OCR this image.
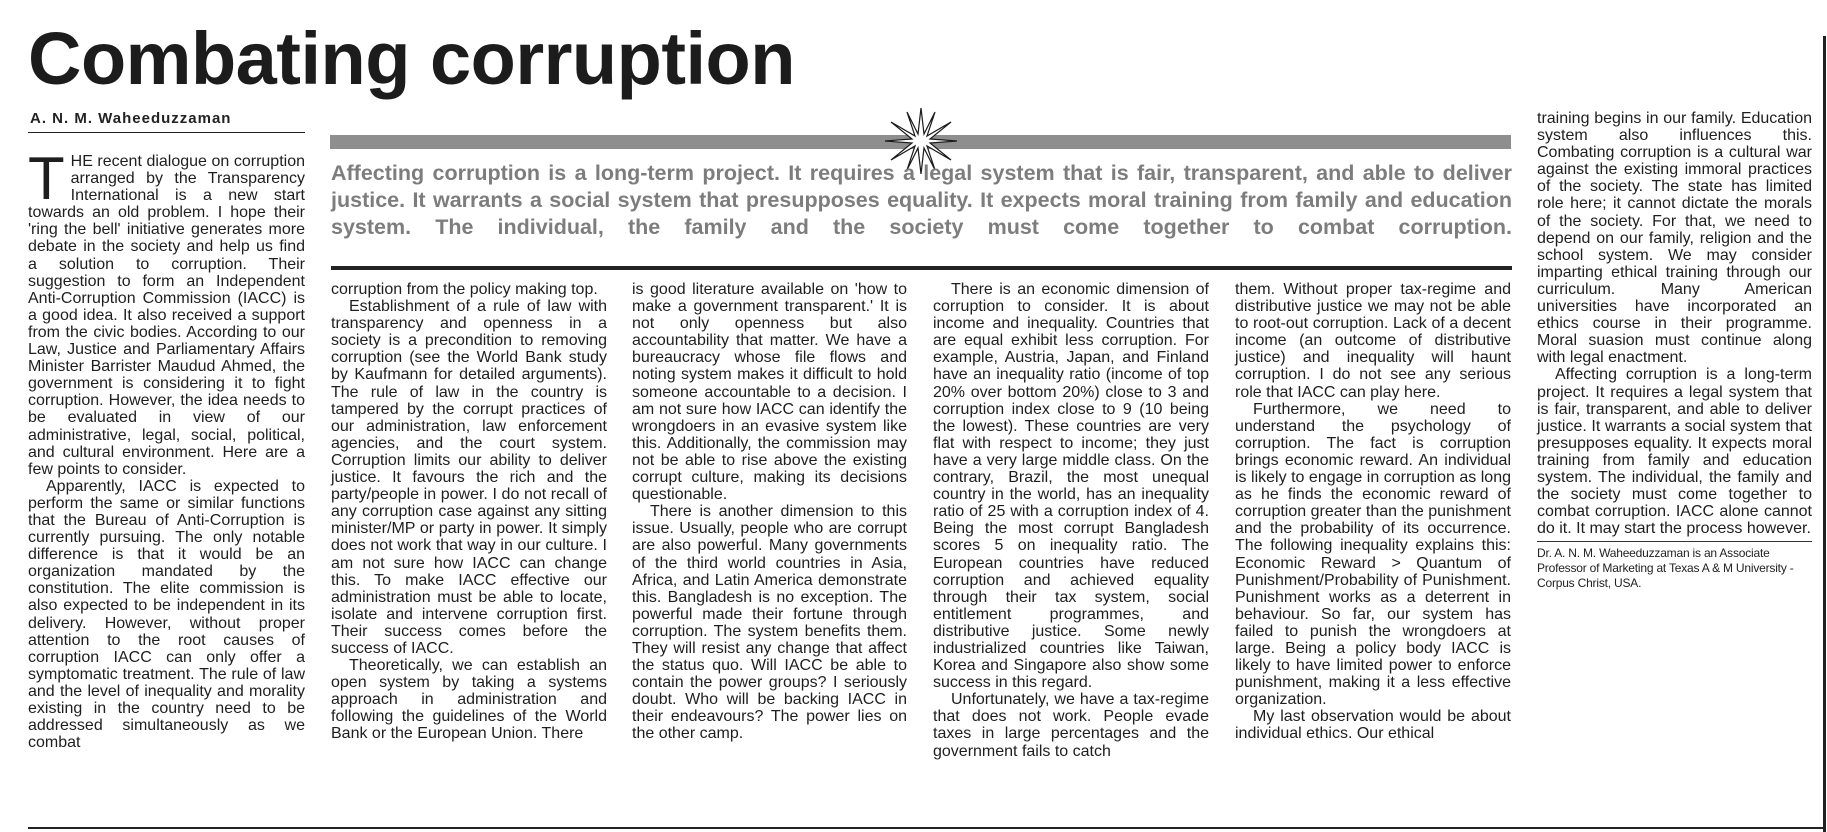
Combating corruption
A. N. M. Waheeduzzaman

Affecting corruption is a long-term project. It requires a legal system that is fair, transparent, and able to deliver justice. It warrants a social system that presupposes equality. It expects moral training from family and education system. The individual, the family and the society must come together to combat corruption.

THE recent dialogue on corruption arranged by the Transparency International is a new start towards an old problem. I hope their 'ring the bell' initiative generates more debate in the society and help us find a solution to corruption. Their suggestion to form an Independent Anti-Corruption Commission (IACC) is a good idea. It also received a support from the civic bodies. According to our Law, Justice and Parliamentary Affairs Minister Barrister Maudud Ahmed, the government is considering it to fight corruption. However, the idea needs to be evaluated in view of our administrative, legal, social, political, and cultural environment. Here are a few points to consider.

Apparently, IACC is expected to perform the same or similar functions that the Bureau of Anti-Corruption is currently pursuing. The only notable difference is that it would be an organization mandated by the constitution. The elite commission is also expected to be independent in its delivery. However, without proper attention to the root causes of corruption IACC can only offer a symptomatic treatment. The rule of law and the level of inequality and morality existing in the country need to be addressed simultaneously as we combat

corruption from the policy making top.

Establishment of a rule of law with transparency and openness in a society is a precondition to removing corruption (see the World Bank study by Kaufmann for detailed arguments). The rule of law in the country is tampered by the corrupt practices of our administration, law enforcement agencies, and the court system. Corruption limits our ability to deliver justice. It favours the rich and the party/people in power. I do not recall of any corruption case against any sitting minister/MP or party in power. It simply does not work that way in our culture. I am not sure how IACC can change this. To make IACC effective our administration must be able to locate, isolate and intervene corruption first. Their success comes before the success of IACC.

Theoretically, we can establish an open system by taking a systems approach in administration and following the guidelines of the World Bank or the European Union. There

is good literature available on 'how to make a government transparent.' It is not only openness but also accountability that matter. We have a bureaucracy whose file flows and noting system makes it difficult to hold someone accountable to a decision. I am not sure how IACC can identify the wrongdoers in an evasive system like this. Additionally, the commission may not be able to rise above the existing corrupt culture, making its decisions questionable.

There is another dimension to this issue. Usually, people who are corrupt are also powerful. Many governments of the third world countries in Asia, Africa, and Latin America demonstrate this. Bangladesh is no exception. The powerful made their fortune through corruption. The system benefits them. They will resist any change that affect the status quo. Will IACC be able to contain the power groups? I seriously doubt. Who will be backing IACC in their endeavours? The power lies on the other camp.

There is an economic dimension of corruption to consider. It is about income and inequality. Countries that are equal exhibit less corruption. For example, Austria, Japan, and Finland have an inequality ratio (income of top 20% over bottom 20%) close to 3 and corruption index close to 9 (10 being the lowest). These countries are very flat with respect to income; they just have a very large middle class. On the contrary, Brazil, the most unequal country in the world, has an inequality ratio of 25 with a corruption index of 4. Being the most corrupt Bangladesh scores 5 on inequality ratio. The European countries have reduced corruption and achieved equality through their tax system, social entitlement programmes, and distributive justice. Some newly industrialized countries like Taiwan, Korea and Singapore also show some success in this regard.

Unfortunately, we have a tax-regime that does not work. People evade taxes in large percentages and the government fails to catch

them. Without proper tax-regime and distributive justice we may not be able to root-out corruption. Lack of a decent income (an outcome of distributive justice) and inequality will haunt corruption. I do not see any serious role that IACC can play here.

Furthermore, we need to understand the psychology of corruption. The fact is corruption brings economic reward. An individual is likely to engage in corruption as long as he finds the economic reward of corruption greater than the punishment and the probability of its occurrence. The following inequality explains this: Economic Reward > Quantum of Punishment/Probability of Punishment. Punishment works as a deterrent in behaviour. So far, our system has failed to punish the wrongdoers at large. Being a policy body IACC is likely to have limited power to enforce punishment, making it a less effective organization.

My last observation would be about individual ethics. Our ethical

training begins in our family. Education system also influences this. Combating corruption is a cultural war against the existing immoral practices of the society. The state has limited role here; it cannot dictate the morals of the society. For that, we need to depend on our family, religion and the school system. We may consider imparting ethical training through our curriculum. Many American universities have incorporated an ethics course in their programme. Moral suasion must continue along with legal enactment.

Affecting corruption is a long-term project. It requires a legal system that is fair, transparent, and able to deliver justice. It warrants a social system that presupposes equality. It expects moral training from family and education system. The individual, the family and the society must come together to combat corruption. IACC alone cannot do it. It may start the process however.

Dr. A. N. M. Waheeduzzaman is an Associate Professor of Marketing at Texas A & M University - Corpus Christ, USA.
